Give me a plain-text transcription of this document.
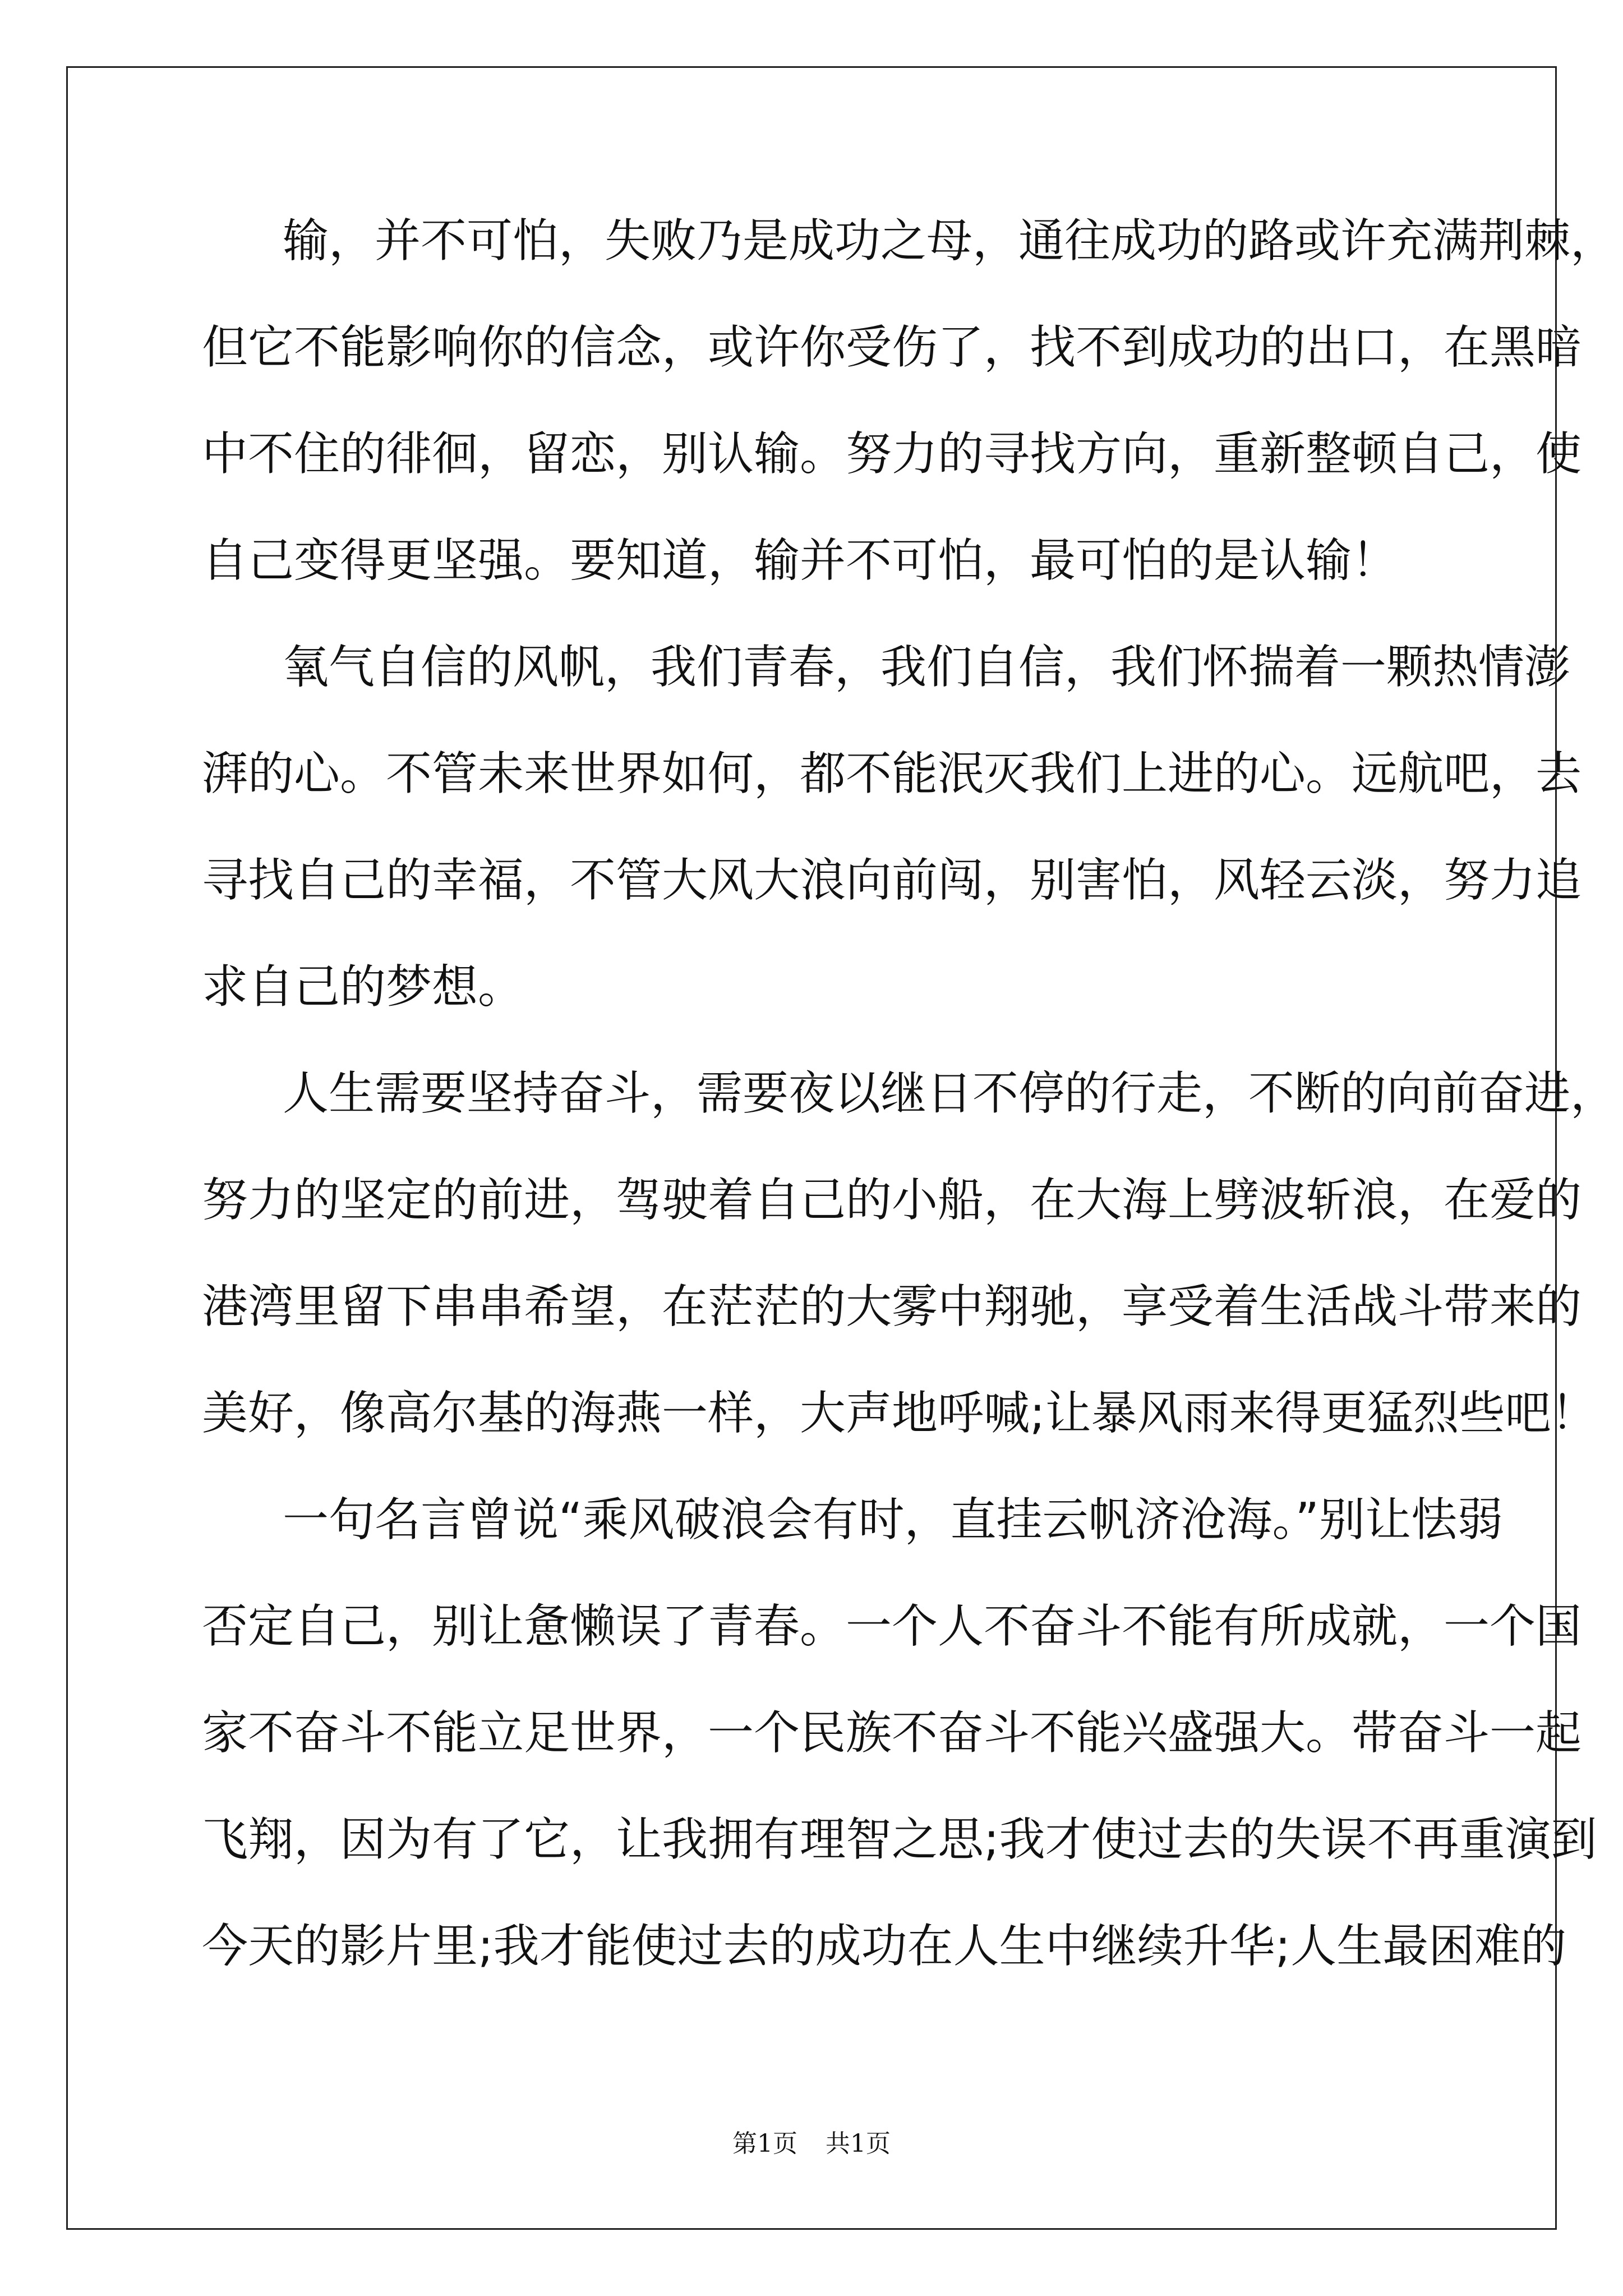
输，并不可怕，失败乃是成功之母，通往成功的路或许充满荆棘，
但它不能影响你的信念，或许你受伤了，找不到成功的出口，在黑暗
中不住的徘徊，留恋，别认输。努力的寻找方向，重新整顿自己，使
自己变得更坚强。要知道，输并不可怕，最可怕的是认输！
氧气自信的风帆，我们青春，我们自信，我们怀揣着一颗热情澎
湃的心。不管未来世界如何，都不能泯灭我们上进的心。远航吧，去
寻找自己的幸福，不管大风大浪向前闯，别害怕，风轻云淡，努力追
求自己的梦想。
人生需要坚持奋斗，需要夜以继日不停的行走，不断的向前奋进，
努力的坚定的前进，驾驶着自己的小船，在大海上劈波斩浪，在爱的
港湾里留下串串希望，在茫茫的大雾中翔驰，享受着生活战斗带来的
美好，像高尔基的海燕一样，大声地呼喊;让暴风雨来得更猛烈些吧！
一句名言曾说“乘风破浪会有时，直挂云帆济沧海。”别让怯弱
否定自己，别让惫懒误了青春。一个人不奋斗不能有所成就，一个国
家不奋斗不能立足世界，一个民族不奋斗不能兴盛强大。带奋斗一起
飞翔，因为有了它，让我拥有理智之思;我才使过去的失误不再重演到
今天的影片里;我才能使过去的成功在人生中继续升华;人生最困难的
第1页 共1页
